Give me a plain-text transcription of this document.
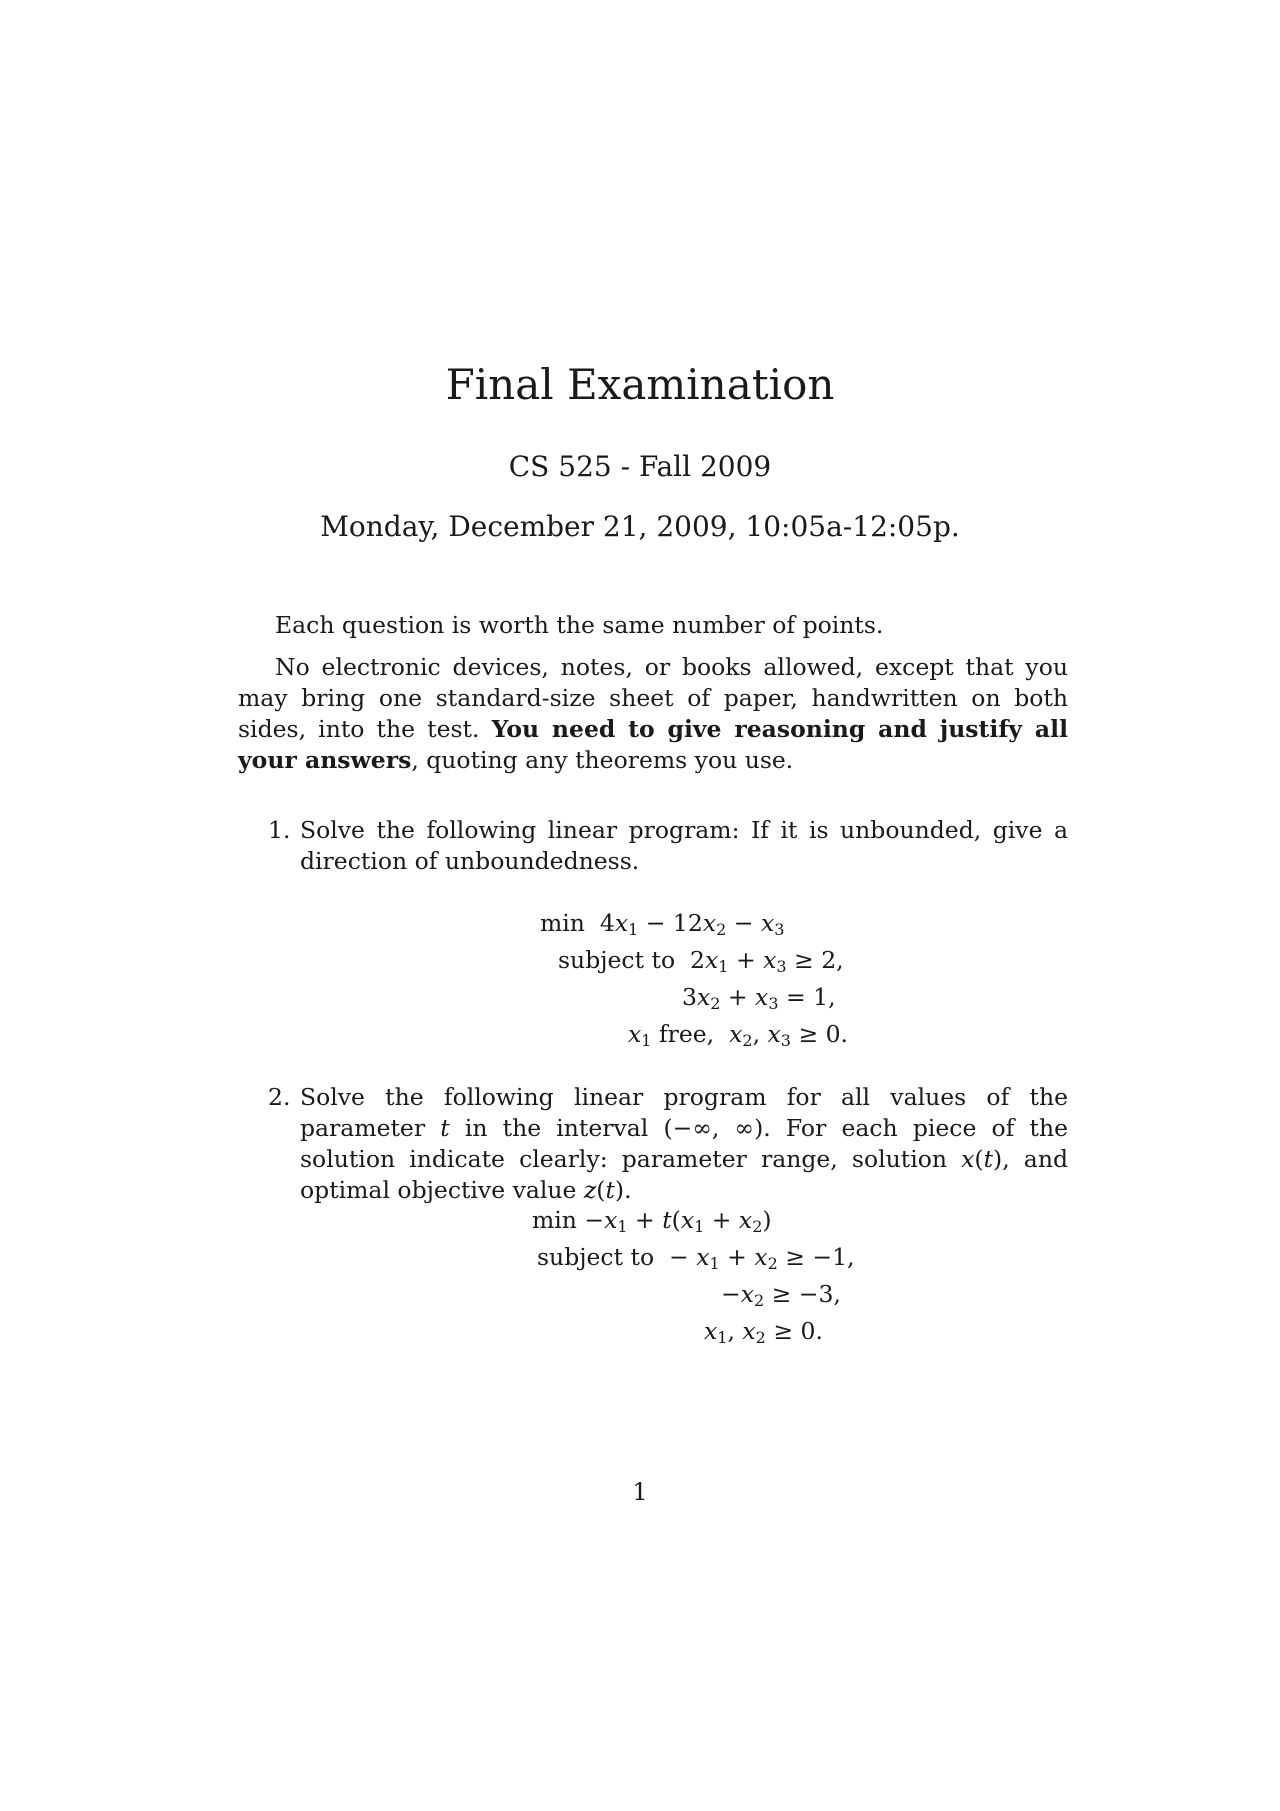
Final Examination
CS 525 - Fall 2009
Monday, December 21, 2009, 10:05a-12:05p.
Each question is worth the same number of points.
No electronic devices, notes, or books allowed, except that you may bring one standard-size sheet of paper, handwritten on both sides, into the test. You need to give reasoning and justify all your answers, quoting any theorems you use.
1. Solve the following linear program: If it is unbounded, give a direction of unboundedness.
2. Solve the following linear program for all values of the parameter t in the interval (−∞, ∞). For each piece of the solution indicate clearly: parameter range, solution x(t), and optimal objective value z(t).
$\min 4x_1 - 12x_2 - x_3$
subject to  $2x_1 + x_3 \ge 2$,
$3x_2 + x_3 = 1$,
$x_1$ free, $x_2$, $x_3 \ge 0$.
$\min -x_1 + t(x_1 + x_2)$
subject to  − $x_1 + x_2 \ge -1$,
$-x_2 \ge -3$,
$x_1$, $x_2 \ge 0$.
1
